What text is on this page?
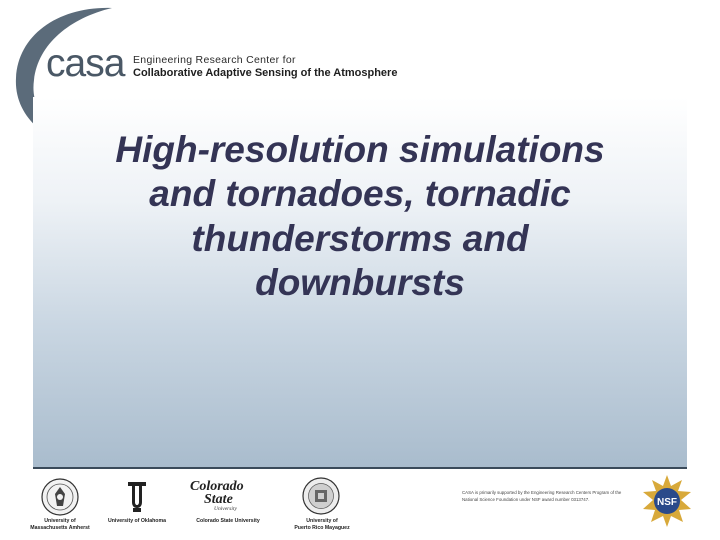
casa Engineering Research Center for
Collaborative Adaptive Sensing of the Atmosphere
High-resolution simulations
and tornadoes, tornadic
thunderstorms and
downbursts
University of
Massachusetts Amherst
University of Oklahoma
Colorado
State
University
Colorado State University	University of
Puerto Rico Mayaguez
CASA is primarily supported by the Engineering Research Centers Program of the National Science Foundation under NSF award number 0313747.	NSF
